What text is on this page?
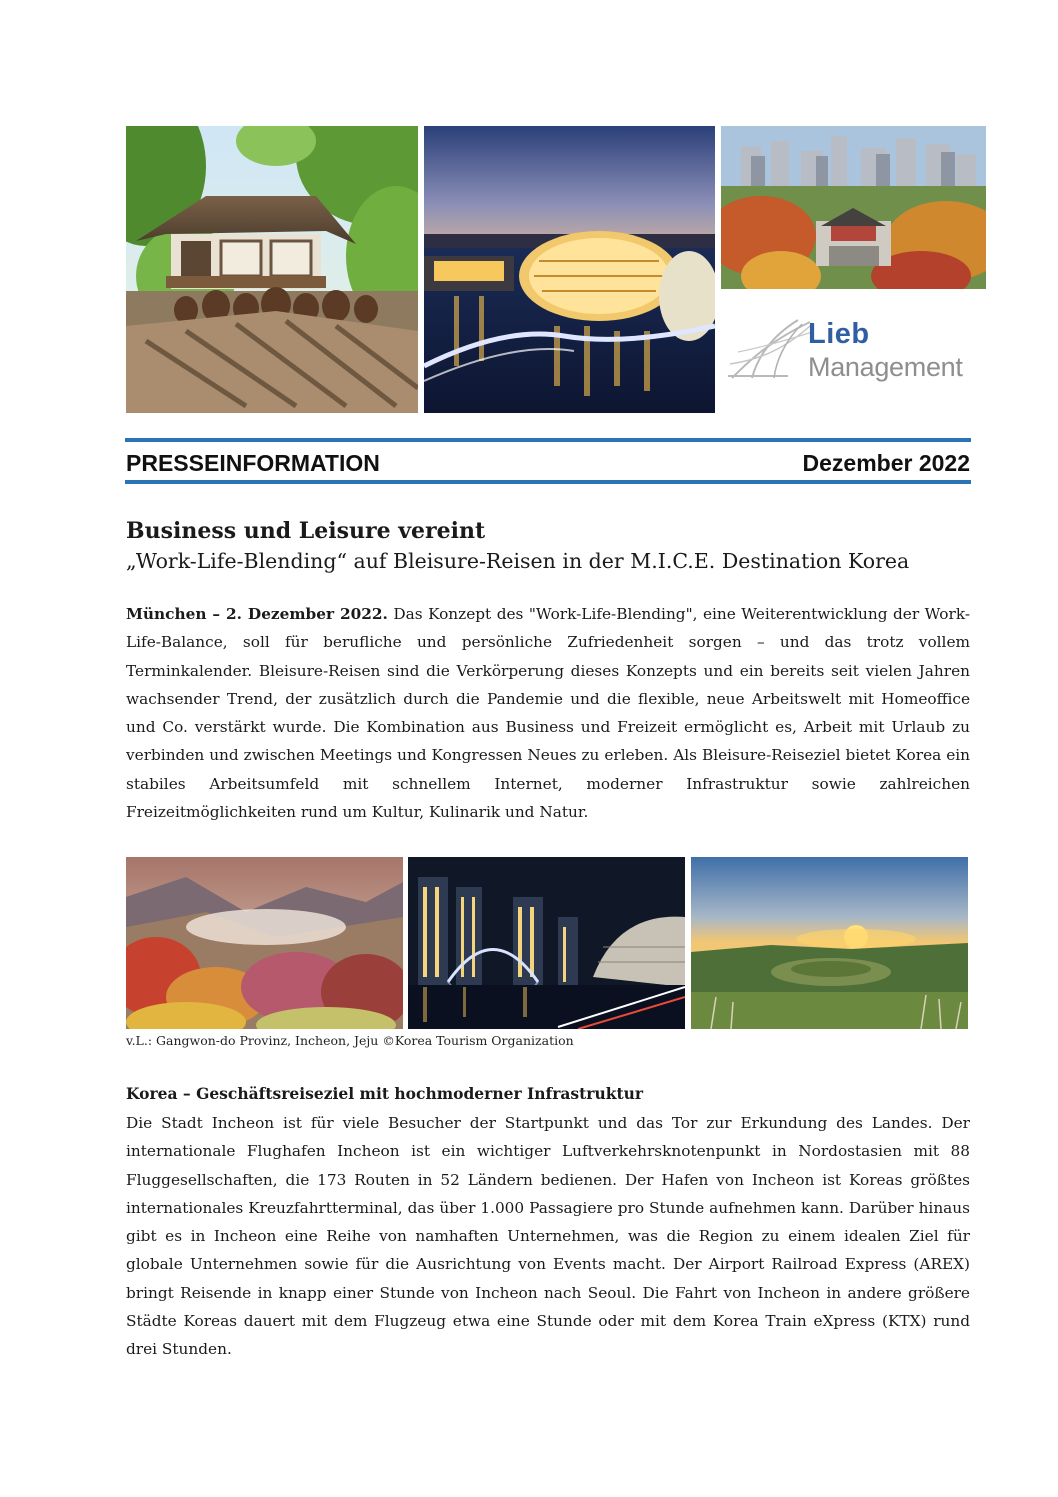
Lieb
Management
PRESSEINFORMATION	Dezember 2022
Business und Leisure vereint
„Work-Life-Blending“ auf Bleisure-Reisen in der M.I.C.E. Destination Korea

München – 2. Dezember 2022. Das Konzept des "Work-Life-Blending", eine Weiterentwicklung der Work-Life-Balance, soll für berufliche und persönliche Zufriedenheit sorgen – und das trotz vollem Terminkalender. Bleisure-Reisen sind die Verkörperung dieses Konzepts und ein bereits seit vielen Jahren wachsender Trend, der zusätzlich durch die Pandemie und die flexible, neue Arbeitswelt mit Homeoffice und Co. verstärkt wurde. Die Kombination aus Business und Freizeit ermöglicht es, Arbeit mit Urlaub zu verbinden und zwischen Meetings und Kongressen Neues zu erleben. Als Bleisure-Reiseziel bietet Korea ein stabiles Arbeitsumfeld mit schnellem Internet, moderner Infrastruktur sowie zahlreichen Freizeitmöglichkeiten rund um Kultur, Kulinarik und Natur.

v.L.: Gangwon-do Provinz, Incheon, Jeju ©Korea Tourism Organization
Korea – Geschäftsreiseziel mit hochmoderner Infrastruktur

Die Stadt Incheon ist für viele Besucher der Startpunkt und das Tor zur Erkundung des Landes. Der internationale Flughafen Incheon ist ein wichtiger Luftverkehrsknotenpunkt in Nordostasien mit 88 Fluggesellschaften, die 173 Routen in 52 Ländern bedienen. Der Hafen von Incheon ist Koreas größtes internationales Kreuzfahrtterminal, das über 1.000 Passagiere pro Stunde aufnehmen kann. Darüber hinaus gibt es in Incheon eine Reihe von namhaften Unternehmen, was die Region zu einem idealen Ziel für globale Unternehmen sowie für die Ausrichtung von Events macht. Der Airport Railroad Express (AREX) bringt Reisende in knapp einer Stunde von Incheon nach Seoul. Die Fahrt von Incheon in andere größere Städte Koreas dauert mit dem Flugzeug etwa eine Stunde oder mit dem Korea Train eXpress (KTX) rund drei Stunden.
